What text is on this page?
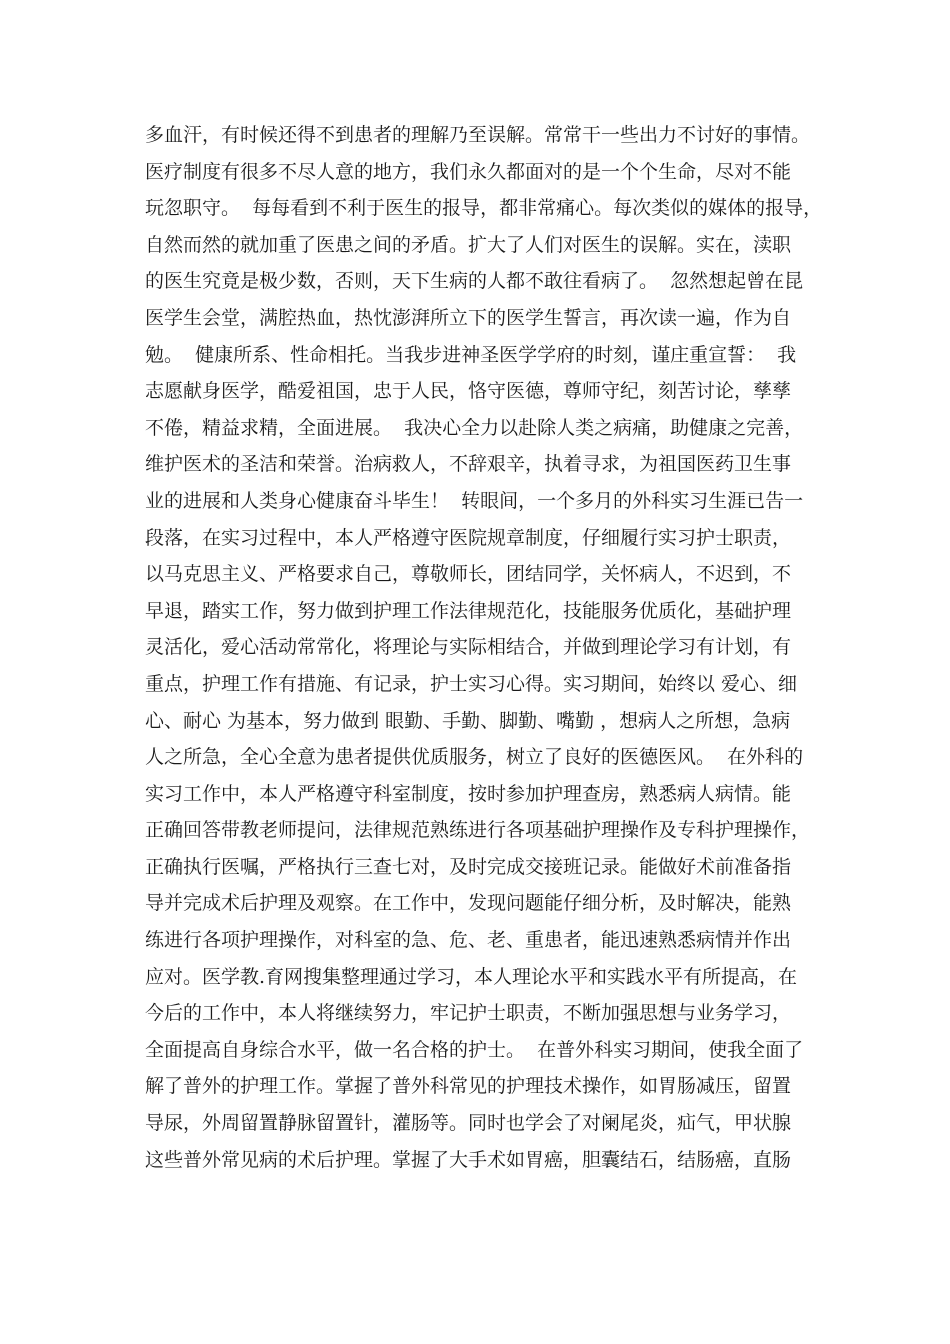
多血汗，有时候还得不到患者的理解乃至误解。常常干一些出力不讨好的事情。
医疗制度有很多不尽人意的地方，我们永久都面对的是一个个生命，尽对不能
玩忽职守。  每每看到不利于医生的报导，都非常痛心。每次类似的媒体的报导，
自然而然的就加重了医患之间的矛盾。扩大了人们对医生的误解。实在，渎职
的医生究竟是极少数，否则，天下生病的人都不敢往看病了。  忽然想起曾在昆
医学生会堂，满腔热血，热忱澎湃所立下的医学生誓言，再次读一遍，作为自
勉。  健康所系、性命相托。当我步进神圣医学学府的时刻，谨庄重宣誓：  我
志愿献身医学，酷爱祖国，忠于人民，恪守医德，尊师守纪，刻苦讨论，孳孳
不倦，精益求精，全面进展。  我决心全力以赴除人类之病痛，助健康之完善，
维护医术的圣洁和荣誉。治病救人，不辞艰辛，执着寻求，为祖国医药卫生事
业的进展和人类身心健康奋斗毕生！  转眼间，一个多月的外科实习生涯已告一
段落，在实习过程中，本人严格遵守医院规章制度，仔细履行实习护士职责，
以马克思主义、严格要求自己，尊敬师长，团结同学，关怀病人，不迟到，不
早退，踏实工作，努力做到护理工作法律规范化，技能服务优质化，基础护理
灵活化，爱心活动常常化，将理论与实际相结合，并做到理论学习有计划，有
重点，护理工作有措施、有记录，护士实习心得。实习期间，始终以 爱心、细
心、耐心 为基本，努力做到 眼勤、手勤、脚勤、嘴勤 ，想病人之所想，急病
人之所急，全心全意为患者提供优质服务，树立了良好的医德医风。  在外科的
实习工作中，本人严格遵守科室制度，按时参加护理查房，熟悉病人病情。能
正确回答带教老师提问，法律规范熟练进行各项基础护理操作及专科护理操作，
正确执行医嘱，严格执行三查七对，及时完成交接班记录。能做好术前准备指
导并完成术后护理及观察。在工作中，发现问题能仔细分析，及时解决，能熟
练进行各项护理操作，对科室的急、危、老、重患者，能迅速熟悉病情并作出
应对。医学教.育网搜集整理通过学习，本人理论水平和实践水平有所提高，在
今后的工作中，本人将继续努力，牢记护士职责，不断加强思想与业务学习，
全面提高自身综合水平，做一名合格的护士。  在普外科实习期间，使我全面了
解了普外的护理工作。掌握了普外科常见的护理技术操作，如胃肠减压，留置
导尿，外周留置静脉留置针，灌肠等。同时也学会了对阑尾炎，疝气，甲状腺
这些普外常见病的术后护理。掌握了大手术如胃癌，胆囊结石，结肠癌，直肠
